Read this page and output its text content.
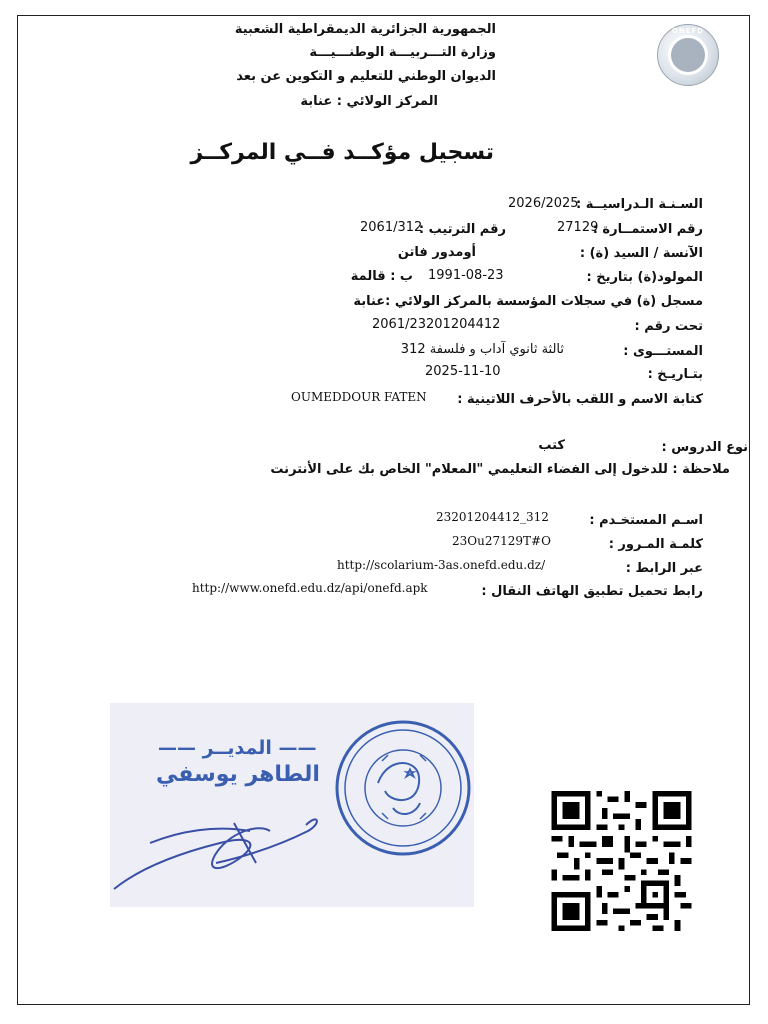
الجمهورية الجزائرية الديمقراطية الشعبية
وزارة التـــربيـــة الوطنـــيـــة
الديوان الوطني للتعليم و التكوين عن بعد
المركز الولائي : عنابة
ONEFD
تسجيل مؤكــد فــي المركــز
السـنـة الـدراسيــة :
2026/2025
رقم الاستمــارة :
27129
رقم الترتيب :
2061/312
الآنسة / السيد (ة) :
أومدور فاتن
المولود(ة) بتاريخ :
1991-08-23
ب : قالمة
مسجل (ة) في سجلات المؤسسة بالمركز الولائي :عنابة
تحت رقم :
2061/23201204412
المستـــوى :
ثالثة ثانوي آداب و فلسفة 312
بتـاريـخ :
2025-11-10
كتابة الاسم و اللقب بالأحرف اللاتينية :
OUMEDDOUR FATEN
نوع الدروس :
كتب
ملاحظة : للدخول إلى الفضاء التعليمي "المعلام" الخاص بك على الأنترنت
اسـم المستخـدم :
23201204412_312
كلمـة المـرور :
23Ou27129T#O
عبر الرابط :
http://scolarium-3as.onefd.edu.dz/
رابط تحميل تطبيق الهاتف النقال :
http://www.onefd.edu.dz/api/onefd.apk
—— المديــر ——
الطاهر يوسفي
